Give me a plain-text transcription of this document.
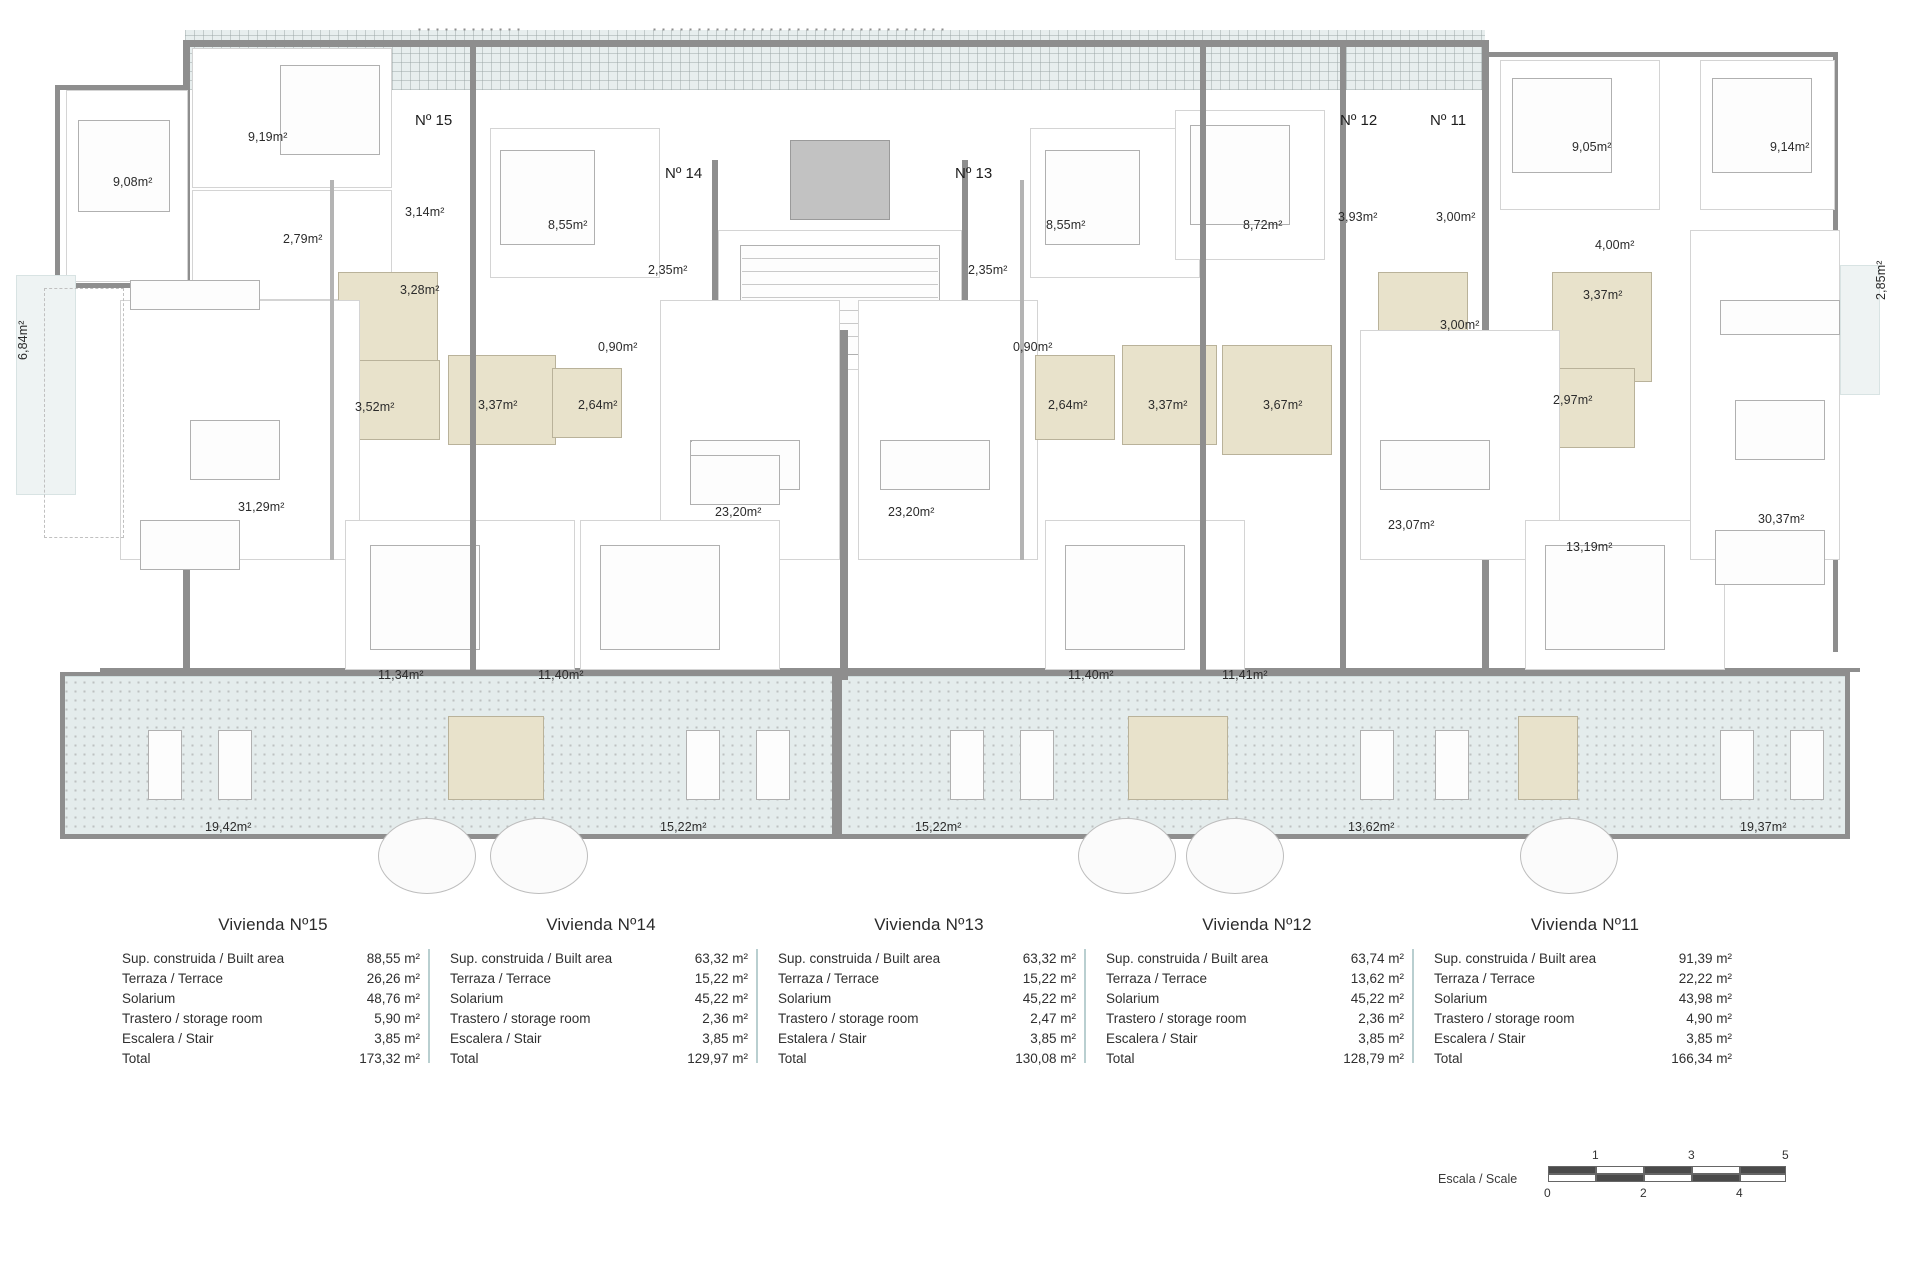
Nº 15
Nº 14	Nº 13
Nº 12	Nº 11
9,19m²
9,08m²
2,79m²
3,14m²
8,55m²
2,35m²
0,90m²
3,28m²
3,52m²	3,37m²	2,64m²
6,84m²
31,29m²	23,20m²	23,20m²
11,34m²	11,40m²
19,42m²	15,22m²	15,22m²
2,35m²
0,90m²
8,55m²	8,72m²
3,93m²	3,00m²
2,64m²	3,37m²	3,67m²
3,00m²
3,37m²
2,97m²
4,00m²
9,05m²	9,14m²
2,85m²
30,37m²
23,07m²
13,19m²
11,40m²	11,41m²
13,62m²	19,37m²
Vivienda Nº15
Sup. construida / Built area	88,55 m²
Terraza / Terrace	26,26 m²
Solarium	48,76 m²
Trastero / storage room	5,90 m²
Escalera / Stair	3,85 m²
Total	173,32 m²
Vivienda Nº14
Sup. construida / Built area	63,32 m²
Terraza / Terrace	15,22 m²
Solarium	45,22 m²
Trastero / storage room	2,36 m²
Escalera / Stair	3,85 m²
Total	129,97 m²
Vivienda Nº13
Sup. construida / Built area	63,32 m²
Terraza / Terrace	15,22 m²
Solarium	45,22 m²
Trastero / storage room	2,47 m²
Estalera / Stair	3,85 m²
Total	130,08 m²
Vivienda Nº12
Sup. construida / Built area	63,74 m²
Terraza / Terrace	13,62 m²
Solarium	45,22 m²
Trastero / storage room	2,36 m²
Escalera / Stair	3,85 m²
Total	128,79 m²
Vivienda Nº11
Sup. construida / Built area	91,39 m²
Terraza / Terrace	22,22 m²
Solarium	43,98 m²
Trastero / storage room	4,90 m²
Escalera / Stair	3,85 m²
Total	166,34 m²
Escala / Scale
1	3	5
0	2	4
